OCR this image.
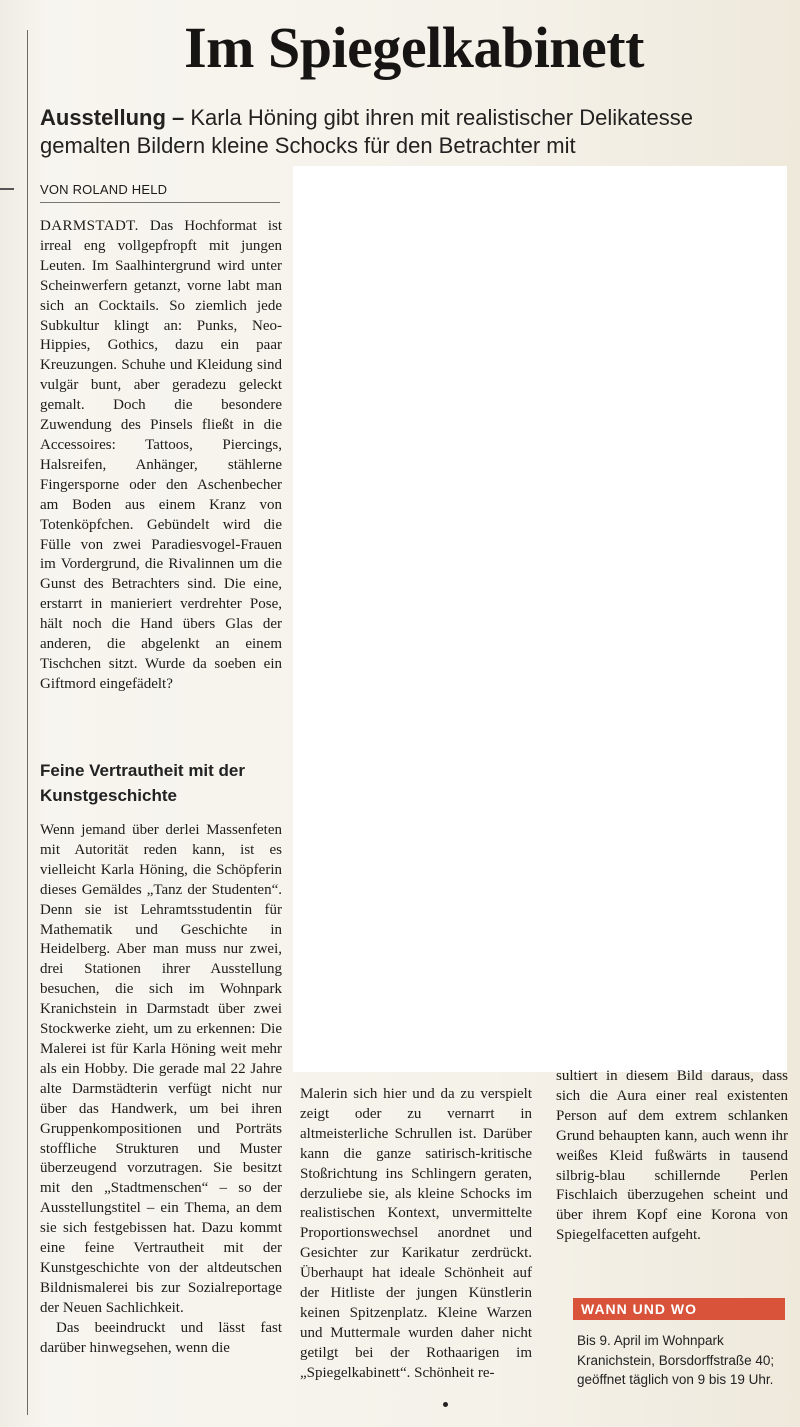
Im Spiegelkabinett
Ausstellung – Karla Höning gibt ihren mit realistischer Delikatesse gemalten Bildern kleine Schocks für den Betrachter mit
VON ROLAND HELD

DARMSTADT. Das Hochformat ist irreal eng vollgepfropft mit jungen Leuten. Im Saalhintergrund wird unter Scheinwerfern getanzt, vorne labt man sich an Cocktails. So ziemlich jede Subkultur klingt an: Punks, Neo-Hippies, Gothics, dazu ein paar Kreuzungen. Schuhe und Kleidung sind vulgär bunt, aber geradezu geleckt gemalt. Doch die besondere Zuwendung des Pinsels fließt in die Accessoires: Tattoos, Piercings, Halsreifen, Anhänger, stählerne Fingersporne oder den Aschenbecher am Boden aus einem Kranz von Totenköpfchen. Gebündelt wird die Fülle von zwei Paradiesvogel-Frauen im Vordergrund, die Rivalinnen um die Gunst des Betrachters sind. Die eine, erstarrt in manieriert verdrehter Pose, hält noch die Hand übers Glas der anderen, die abgelenkt an einem Tischchen sitzt. Wurde da soeben ein Giftmord eingefädelt?

Feine Vertrautheit mit der Kunstgeschichte

Wenn jemand über derlei Massenfeten mit Autorität reden kann, ist es vielleicht Karla Höning, die Schöpferin dieses Gemäldes „Tanz der Studenten“. Denn sie ist Lehramtsstudentin für Mathematik und Geschichte in Heidelberg. Aber man muss nur zwei, drei Stationen ihrer Ausstellung besuchen, die sich im Wohnpark Kranichstein in Darmstadt über zwei Stockwerke zieht, um zu erkennen: Die Malerei ist für Karla Höning weit mehr als ein Hobby. Die gerade mal 22 Jahre alte Darmstädterin verfügt nicht nur über das Handwerk, um bei ihren Gruppenkompositionen und Porträts stoffliche Strukturen und Muster überzeugend vorzutragen. Sie besitzt mit den „Stadtmenschen“ – so der Ausstellungstitel – ein Thema, an dem sie sich festgebissen hat. Dazu kommt eine feine Vertrautheit mit der Kunstgeschichte von der altdeutschen Bildnismalerei bis zur Sozialreportage der Neuen Sachlichkeit.

Das beeindruckt und lässt fast darüber hinwegsehen, wenn die

Malerin sich hier und da zu verspielt zeigt oder zu vernarrt in altmeisterliche Schrullen ist. Darüber kann die ganze satirisch-kritische Stoßrichtung ins Schlingern geraten, derzuliebe sie, als kleine Schocks im realistischen Kontext, unvermittelte Proportionswechsel anordnet und Gesichter zur Karikatur zerdrückt. Überhaupt hat ideale Schönheit auf der Hitliste der jungen Künstlerin keinen Spitzenplatz. Kleine Warzen und Muttermale wurden daher nicht getilgt bei der Rothaarigen im „Spiegelkabinett“. Schönheit re-

sultiert in diesem Bild daraus, dass sich die Aura einer real existenten Person auf dem extrem schlanken Grund behaupten kann, auch wenn ihr weißes Kleid fußwärts in tausend silbrig-blau schillernde Perlen Fischlaich überzugehen scheint und über ihrem Kopf eine Korona von Spiegelfacetten aufgeht.

WANN UND WO
Bis 9. April im Wohnpark Kranichstein, Borsdorffstraße 40; geöffnet täglich von 9 bis 19 Uhr.
